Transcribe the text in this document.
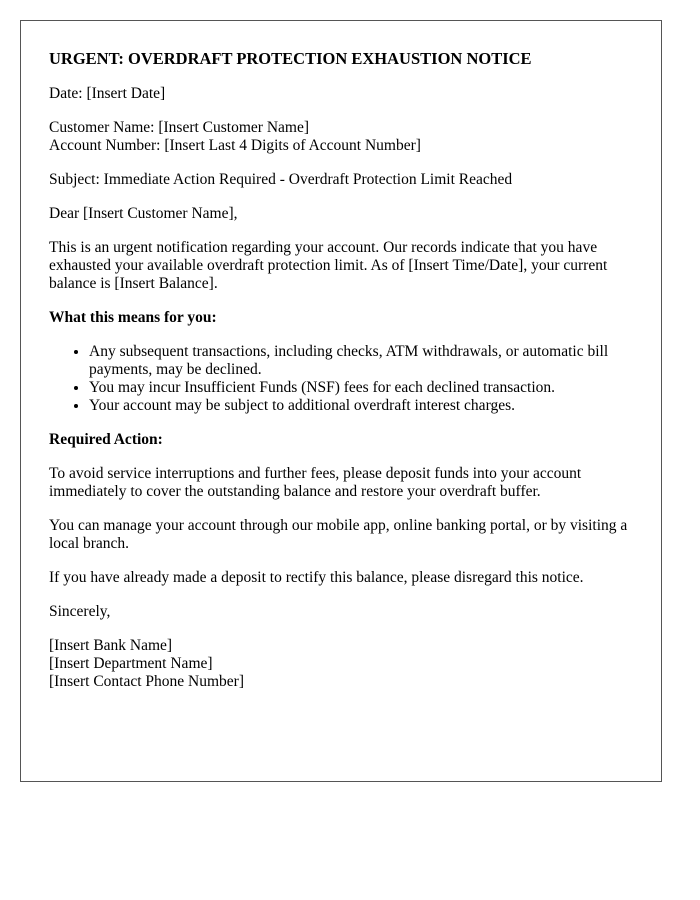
URGENT: OVERDRAFT PROTECTION EXHAUSTION NOTICE

Date: [Insert Date]

Customer Name: [Insert Customer Name]
Account Number: [Insert Last 4 Digits of Account Number]

Subject: Immediate Action Required - Overdraft Protection Limit Reached

Dear [Insert Customer Name],

This is an urgent notification regarding your account. Our records indicate that you have exhausted your available overdraft protection limit. As of [Insert Time/Date], your current balance is [Insert Balance].

What this means for you:

• Any subsequent transactions, including checks, ATM withdrawals, or automatic bill payments, may be declined.
• You may incur Insufficient Funds (NSF) fees for each declined transaction.
• Your account may be subject to additional overdraft interest charges.

Required Action:

To avoid service interruptions and further fees, please deposit funds into your account immediately to cover the outstanding balance and restore your overdraft buffer.

You can manage your account through our mobile app, online banking portal, or by visiting a local branch.

If you have already made a deposit to rectify this balance, please disregard this notice.

Sincerely,

[Insert Bank Name]
[Insert Department Name]
[Insert Contact Phone Number]
